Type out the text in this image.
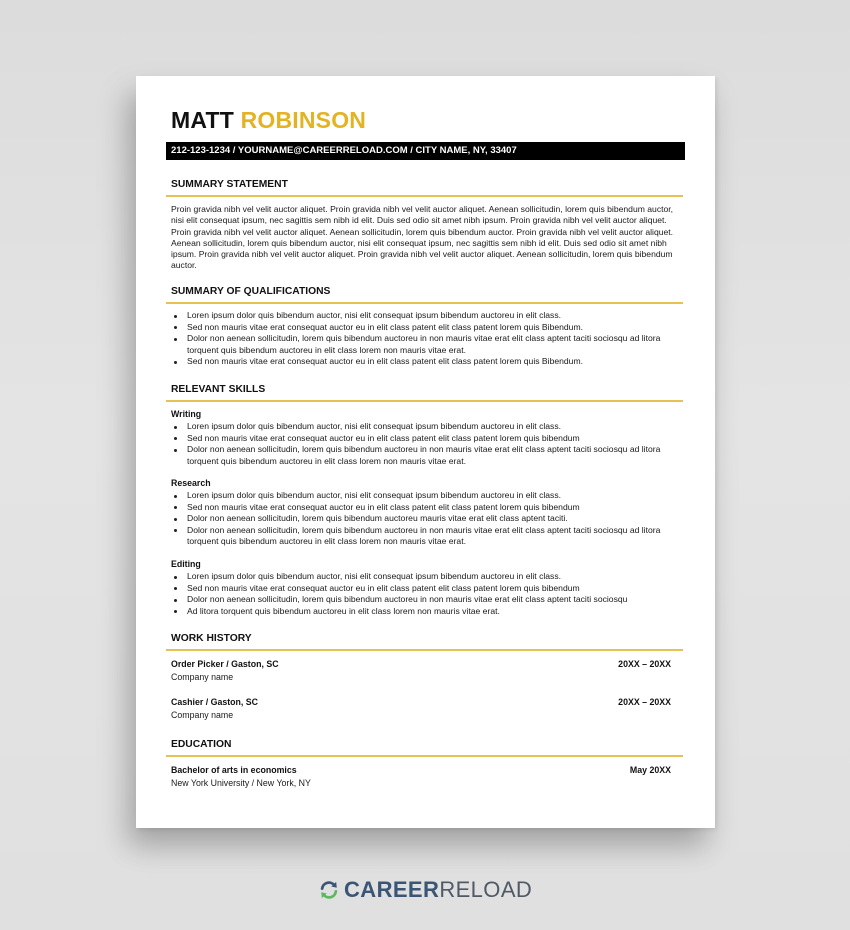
MATT ROBINSON
212-123-1234 / YOURNAME@CAREERRELOAD.COM / CITY NAME, NY, 33407
SUMMARY STATEMENT
Proin gravida nibh vel velit auctor aliquet. Proin gravida nibh vel velit auctor aliquet. Aenean sollicitudin, lorem quis bibendum auctor, nisi elit consequat ipsum, nec sagittis sem nibh id elit. Duis sed odio sit amet nibh ipsum. Proin gravida nibh vel velit auctor aliquet. Proin gravida nibh vel velit auctor aliquet. Aenean sollicitudin, lorem quis bibendum auctor. Proin gravida nibh vel velit auctor aliquet. Aenean sollicitudin, lorem quis bibendum auctor, nisi elit consequat ipsum, nec sagittis sem nibh id elit. Duis sed odio sit amet nibh ipsum. Proin gravida nibh vel velit auctor aliquet. Proin gravida nibh vel velit auctor aliquet. Aenean sollicitudin, lorem quis bibendum auctor.
SUMMARY OF QUALIFICATIONS
Loren ipsum dolor quis bibendum auctor, nisi elit consequat ipsum bibendum auctoreu in elit class.
Sed non mauris vitae erat consequat auctor eu in elit class patent elit class patent lorem quis Bibendum.
Dolor non aenean sollicitudin, lorem quis bibendum auctoreu in non mauris vitae erat elit class aptent taciti sociosqu ad litora torquent quis bibendum auctoreu in elit class lorem non mauris vitae erat.
Sed non mauris vitae erat consequat auctor eu in elit class patent elit class patent lorem quis Bibendum.
RELEVANT SKILLS
Writing
Loren ipsum dolor quis bibendum auctor, nisi elit consequat ipsum bibendum auctoreu in elit class.
Sed non mauris vitae erat consequat auctor eu in elit class patent elit class patent lorem quis bibendum
Dolor non aenean sollicitudin, lorem quis bibendum auctoreu in non mauris vitae erat elit class aptent taciti sociosqu ad litora torquent quis bibendum auctoreu in elit class lorem non mauris vitae erat.
Research
Loren ipsum dolor quis bibendum auctor, nisi elit consequat ipsum bibendum auctoreu in elit class.
Sed non mauris vitae erat consequat auctor eu in elit class patent elit class patent lorem quis bibendum
Dolor non aenean sollicitudin, lorem quis bibendum auctoreu mauris vitae erat elit class aptent taciti.
Dolor non aenean sollicitudin, lorem quis bibendum auctoreu in non mauris vitae erat elit class aptent taciti sociosqu ad litora torquent quis bibendum auctoreu in elit class lorem non mauris vitae erat.
Editing
Loren ipsum dolor quis bibendum auctor, nisi elit consequat ipsum bibendum auctoreu in elit class.
Sed non mauris vitae erat consequat auctor eu in elit class patent elit class patent lorem quis bibendum
Dolor non aenean sollicitudin, lorem quis bibendum auctoreu in non mauris vitae erat elit class aptent taciti sociosqu
Ad litora torquent quis bibendum auctoreu in elit class lorem non mauris vitae erat.
WORK HISTORY
Order Picker / Gaston, SC
Company name
20XX – 20XX
Cashier / Gaston, SC
Company name
20XX – 20XX
EDUCATION
Bachelor of arts in economics
New York University / New York, NY
May 20XX
CAREERRELOAD
